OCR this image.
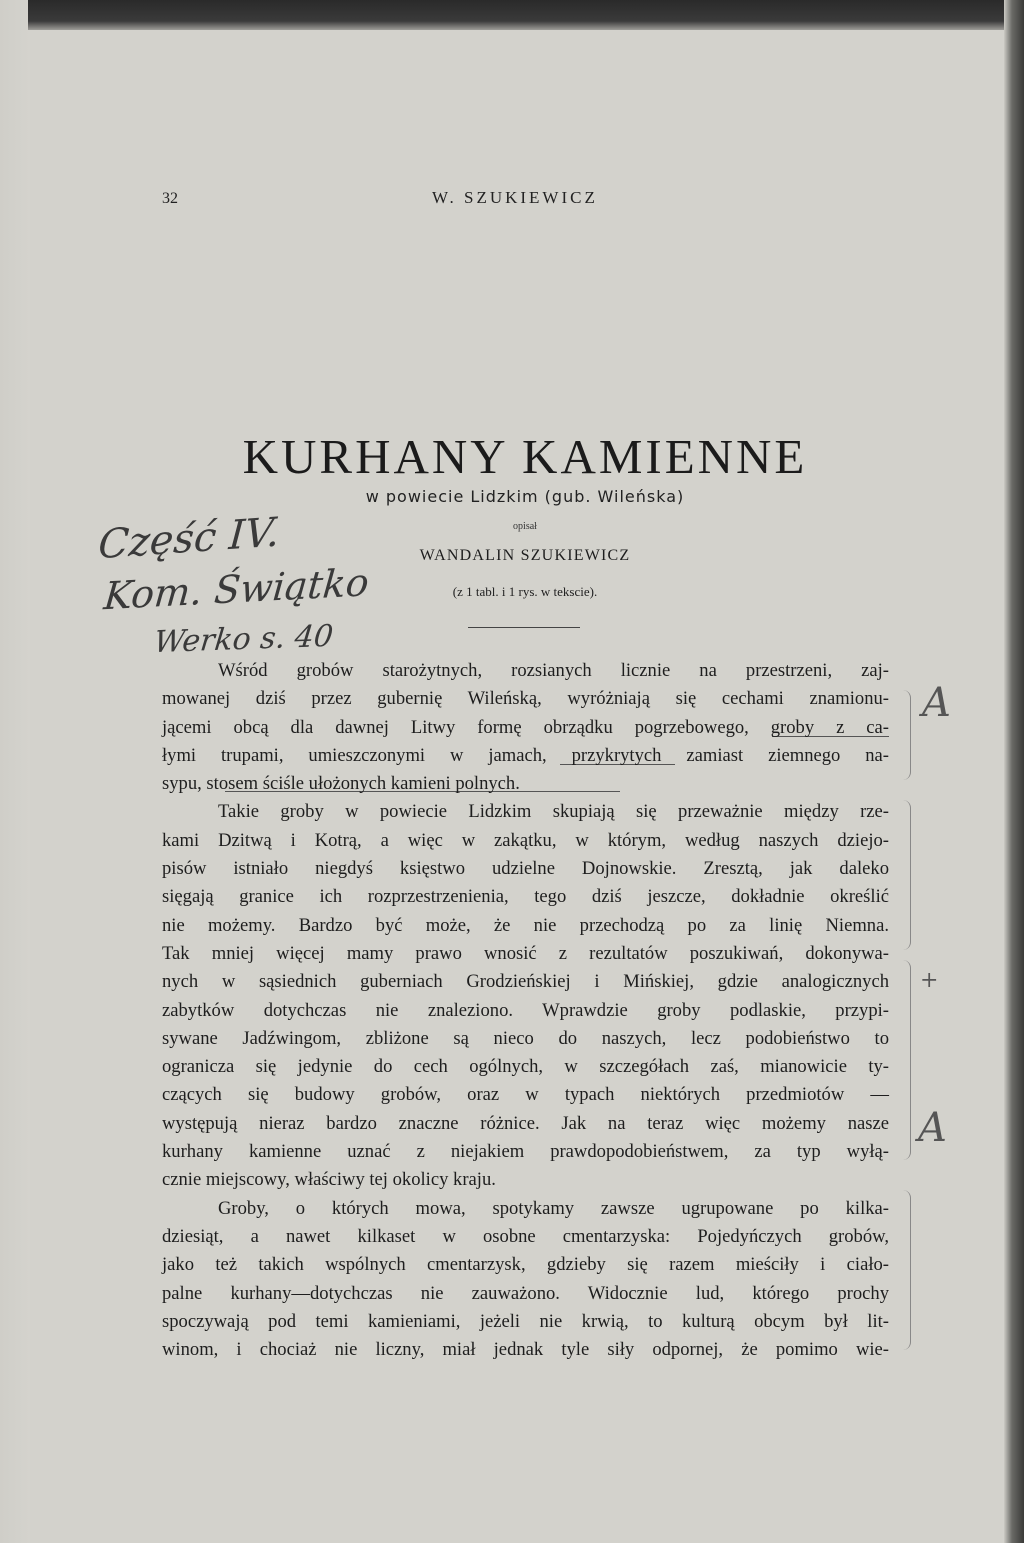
32	W. SZUKIEWICZ
KURHANY KAMIENNE
w powiecie Lidzkim (gub. Wileńska)
opisał
WANDALIN SZUKIEWICZ
(z 1 tabl. i 1 rys. w tekscie).
Część IV.
Kom. Świątko
Werko s. 40
A
+
A
Wśród grobów starożytnych, rozsianych licznie na przestrzeni, zaj-
mowanej dziś przez gubernię Wileńską, wyróżniają się cechami znamionu-
jącemi obcą dla dawnej Litwy formę obrządku pogrzebowego, groby z ca-
łymi trupami, umieszczonymi w jamach, przykrytych zamiast ziemnego na-
sypu, stosem ściśle ułożonych kamieni polnych.
Takie groby w powiecie Lidzkim skupiają się przeważnie między rze-
kami Dzitwą i Kotrą, a więc w zakątku, w którym, według naszych dziejo-
pisów istniało niegdyś księstwo udzielne Dojnowskie. Zresztą, jak daleko
sięgają granice ich rozprzestrzenienia, tego dziś jeszcze, dokładnie określić
nie możemy. Bardzo być może, że nie przechodzą po za linię Niemna.
Tak mniej więcej mamy prawo wnosić z rezultatów poszukiwań, dokonywa-
nych w sąsiednich guberniach Grodzieńskiej i Mińskiej, gdzie analogicznych
zabytków dotychczas nie znaleziono. Wprawdzie groby podlaskie, przypi-
sywane Jadźwingom, zbliżone są nieco do naszych, lecz podobieństwo to
ogranicza się jedynie do cech ogólnych, w szczegółach zaś, mianowicie ty-
czących się budowy grobów, oraz w typach niektórych przedmiotów —
występują nieraz bardzo znaczne różnice. Jak na teraz więc możemy nasze
kurhany kamienne uznać z niejakiem prawdopodobieństwem, za typ wyłą-
cznie miejscowy, właściwy tej okolicy kraju.
Groby, o których mowa, spotykamy zawsze ugrupowane po kilka-
dziesiąt, a nawet kilkaset w osobne cmentarzyska: Pojedyńczych grobów,
jako też takich wspólnych cmentarzysk, gdzieby się razem mieściły i ciało-
palne kurhany—dotychczas nie zauważono. Widocznie lud, którego prochy
spoczywają pod temi kamieniami, jeżeli nie krwią, to kulturą obcym był lit-
winom, i chociaż nie liczny, miał jednak tyle siły odpornej, że pomimo wie-
